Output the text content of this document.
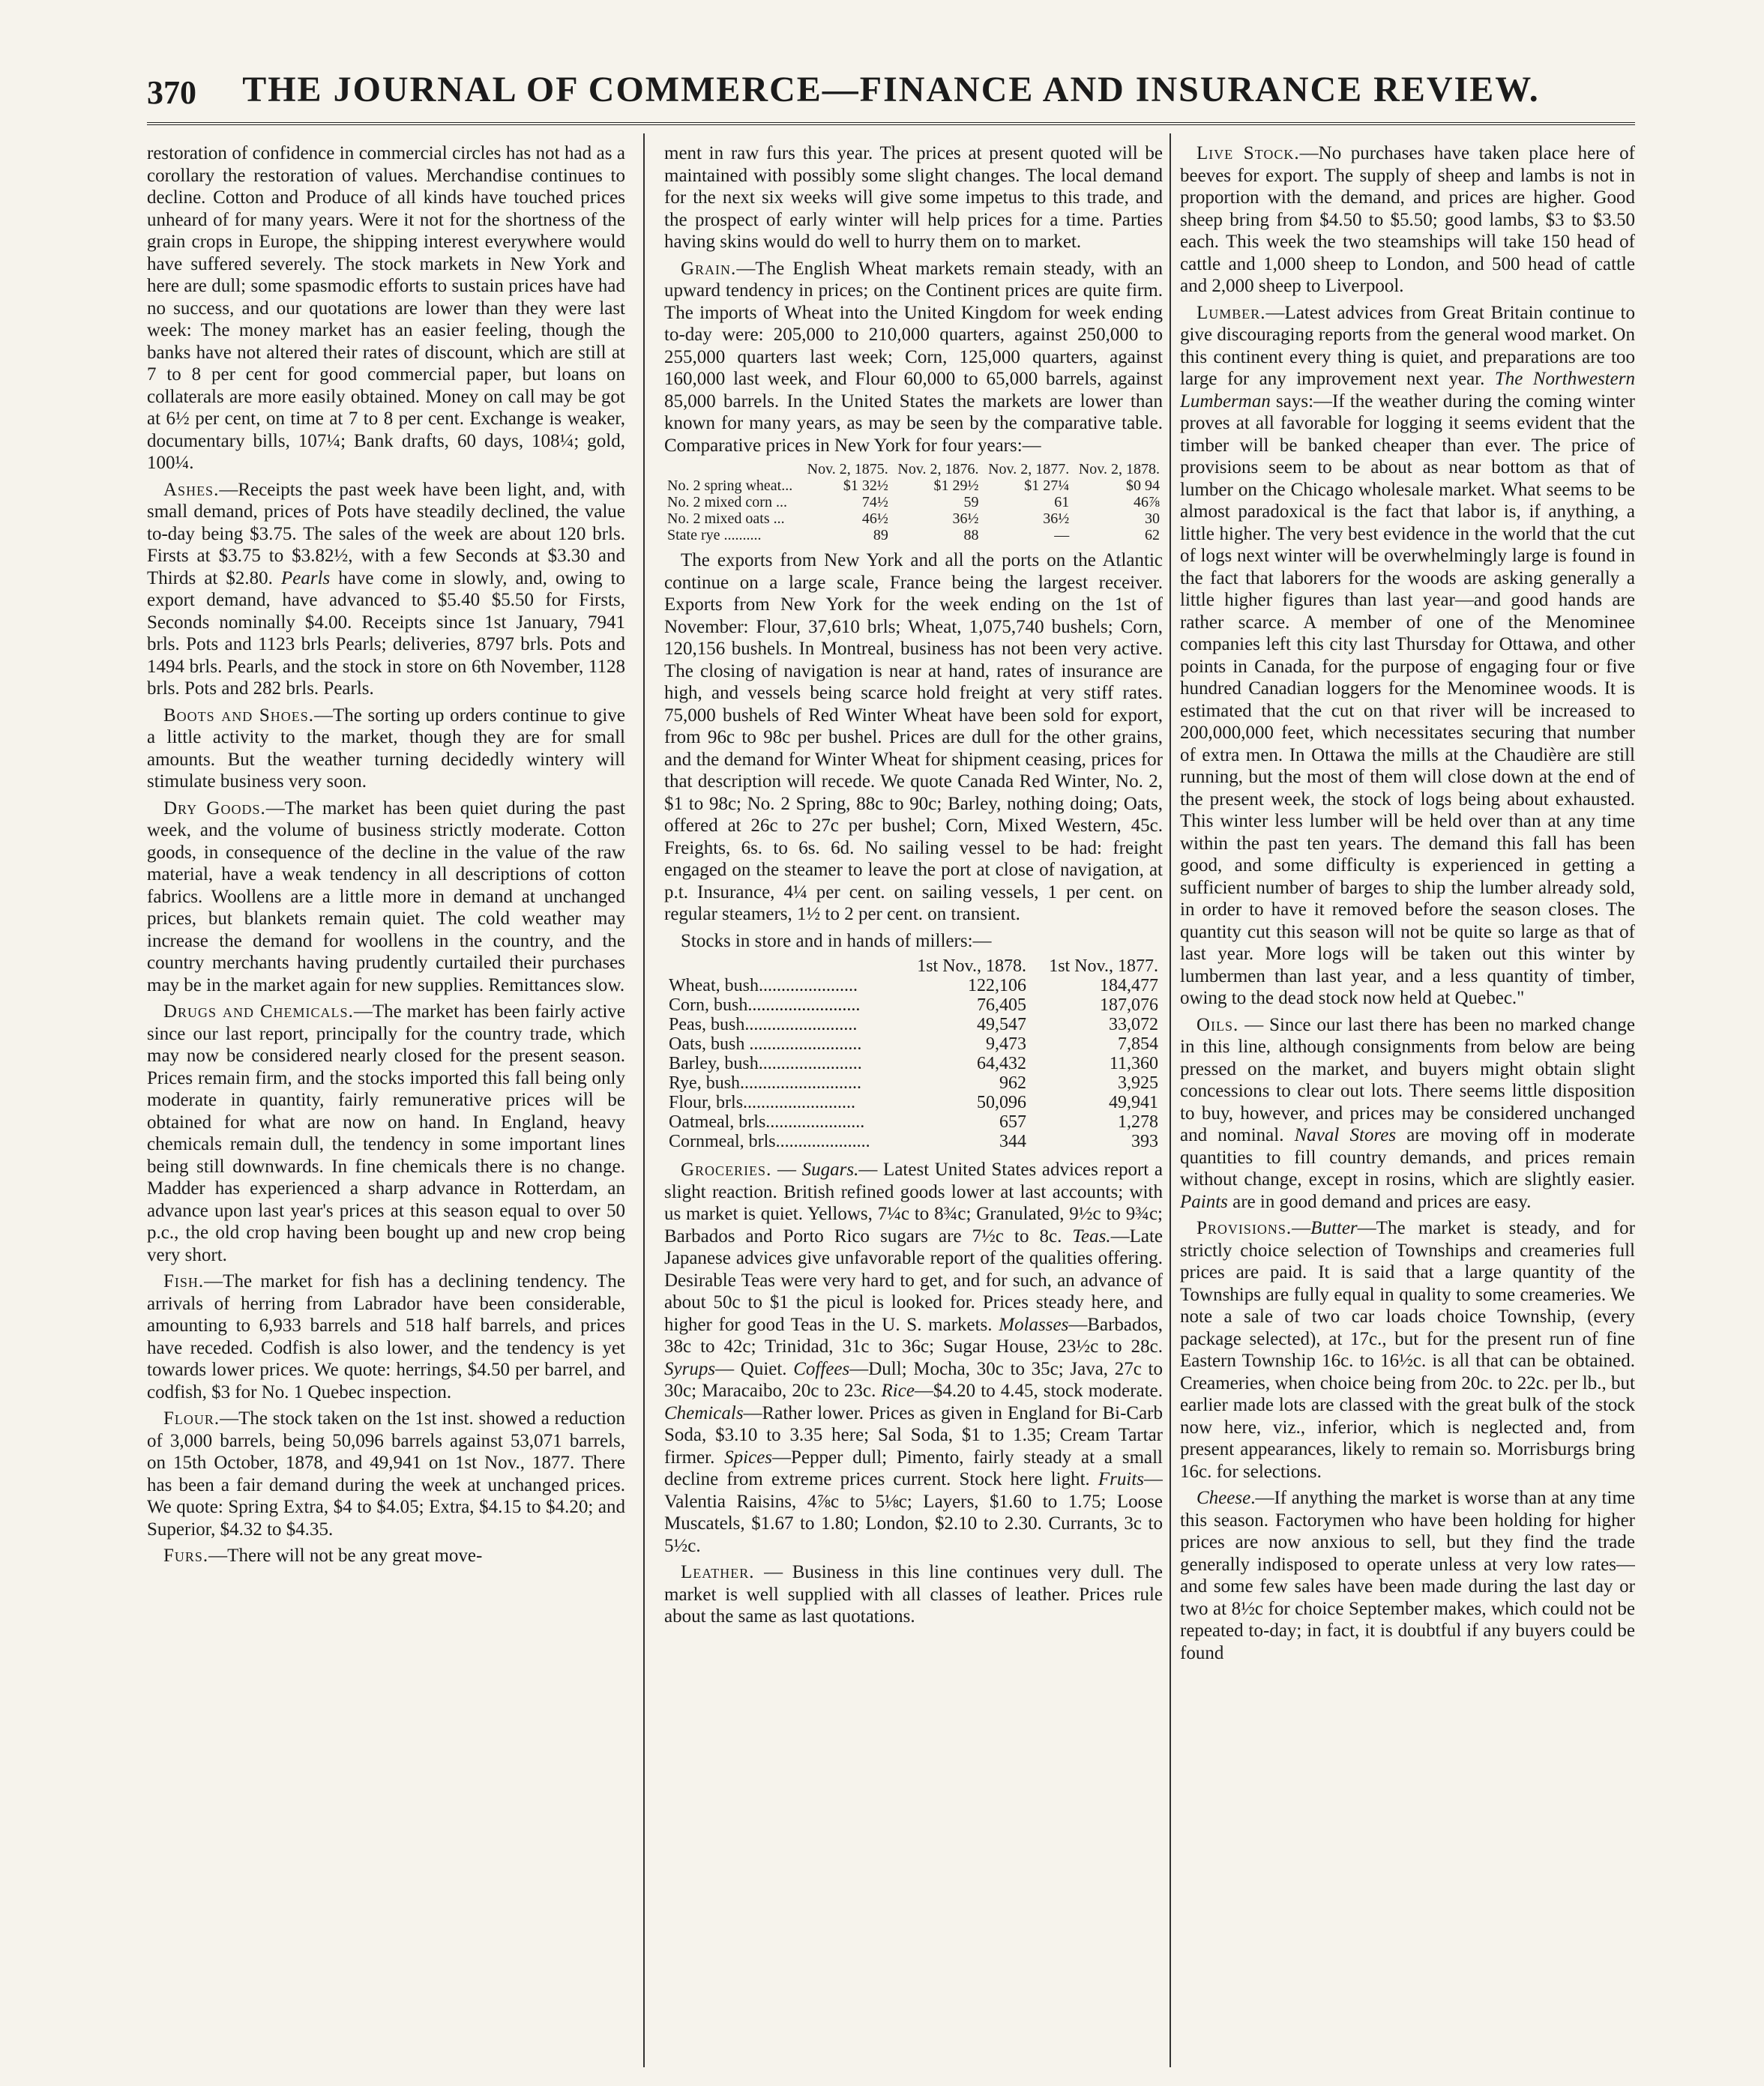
370	THE JOURNAL OF COMMERCE—FINANCE AND INSURANCE REVIEW.

restoration of confidence in commercial circles has not had as a corollary the restoration of values. Merchandise continues to decline. Cotton and Produce of all kinds have touched prices unheard of for many years. Were it not for the shortness of the grain crops in Europe, the shipping interest everywhere would have suffered severely. The stock markets in New York and here are dull; some spasmodic efforts to sustain prices have had no success, and our quotations are lower than they were last week: The money market has an easier feeling, though the banks have not altered their rates of discount, which are still at 7 to 8 per cent for good commercial paper, but loans on collaterals are more easily obtained. Money on call may be got at 6½ per cent, on time at 7 to 8 per cent. Exchange is weaker, documentary bills, 107¼; Bank drafts, 60 days, 108¼; gold, 100¼.

Ashes.—Receipts the past week have been light, and, with small demand, prices of Pots have steadily declined, the value to-day being $3.75. The sales of the week are about 120 brls. Firsts at $3.75 to $3.82½, with a few Seconds at $3.30 and Thirds at $2.80. Pearls have come in slowly, and, owing to export demand, have advanced to $5.40 $5.50 for Firsts, Seconds nominally $4.00. Receipts since 1st January, 7941 brls. Pots and 1123 brls Pearls; deliveries, 8797 brls. Pots and 1494 brls. Pearls, and the stock in store on 6th November, 1128 brls. Pots and 282 brls. Pearls.

Boots and Shoes.—The sorting up orders continue to give a little activity to the market, though they are for small amounts. But the weather turning decidedly wintery will stimulate business very soon.

Dry Goods.—The market has been quiet during the past week, and the volume of business strictly moderate. Cotton goods, in consequence of the decline in the value of the raw material, have a weak tendency in all descriptions of cotton fabrics. Woollens are a little more in demand at unchanged prices, but blankets remain quiet. The cold weather may increase the demand for woollens in the country, and the country merchants having prudently curtailed their purchases may be in the market again for new supplies. Remittances slow.

Drugs and Chemicals.—The market has been fairly active since our last report, principally for the country trade, which may now be considered nearly closed for the present season. Prices remain firm, and the stocks imported this fall being only moderate in quantity, fairly remunerative prices will be obtained for what are now on hand. In England, heavy chemicals remain dull, the tendency in some important lines being still downwards. In fine chemicals there is no change. Madder has experienced a sharp advance in Rotterdam, an advance upon last year's prices at this season equal to over 50 p.c., the old crop having been bought up and new crop being very short.

Fish.—The market for fish has a declining tendency. The arrivals of herring from Labrador have been considerable, amounting to 6,933 barrels and 518 half barrels, and prices have receded. Codfish is also lower, and the tendency is yet towards lower prices. We quote: herrings, $4.50 per barrel, and codfish, $3 for No. 1 Quebec inspection.

Flour.—The stock taken on the 1st inst. showed a reduction of 3,000 barrels, being 50,096 barrels against 53,071 barrels, on 15th October, 1878, and 49,941 on 1st Nov., 1877. There has been a fair demand during the week at unchanged prices. We quote: Spring Extra, $4 to $4.05; Extra, $4.15 to $4.20; and Superior, $4.32 to $4.35.

Furs.—There will not be any great move-

ment in raw furs this year. The prices at present quoted will be maintained with possibly some slight changes. The local demand for the next six weeks will give some impetus to this trade, and the prospect of early winter will help prices for a time. Parties having skins would do well to hurry them on to market.

Grain.—The English Wheat markets remain steady, with an upward tendency in prices; on the Continent prices are quite firm. The imports of Wheat into the United Kingdom for week ending to-day were: 205,000 to 210,000 quarters, against 250,000 to 255,000 quarters last week; Corn, 125,000 quarters, against 160,000 last week, and Flour 60,000 to 65,000 barrels, against 85,000 barrels. In the United States the markets are lower than known for many years, as may be seen by the comparative table. Comparative prices in New York for four years:—

	Nov. 2, 1875.	Nov. 2, 1876.	Nov. 2, 1877.	Nov. 2, 1878.
No. 2 spring wheat...	$1 32½	$1 29½	$1 27¼	$0 94
No. 2 mixed corn ...	74½	59	61	46⅞
No. 2 mixed oats ...	46½	36½	36½	30
State rye ..........	89	88	—	62

The exports from New York and all the ports on the Atlantic continue on a large scale, France being the largest receiver. Exports from New York for the week ending on the 1st of November: Flour, 37,610 brls; Wheat, 1,075,740 bushels; Corn, 120,156 bushels. In Montreal, business has not been very active. The closing of navigation is near at hand, rates of insurance are high, and vessels being scarce hold freight at very stiff rates. 75,000 bushels of Red Winter Wheat have been sold for export, from 96c to 98c per bushel. Prices are dull for the other grains, and the demand for Winter Wheat for shipment ceasing, prices for that description will recede. We quote Canada Red Winter, No. 2, $1 to 98c; No. 2 Spring, 88c to 90c; Barley, nothing doing; Oats, offered at 26c to 27c per bushel; Corn, Mixed Western, 45c. Freights, 6s. to 6s. 6d. No sailing vessel to be had: freight engaged on the steamer to leave the port at close of navigation, at p.t. Insurance, 4¼ per cent. on sailing vessels, 1 per cent. on regular steamers, 1½ to 2 per cent. on transient.

Stocks in store and in hands of millers:—

	1st Nov., 1878.	1st Nov., 1877.
Wheat, bush......................	122,106	184,477
Corn, bush.........................	76,405	187,076
Peas, bush.........................	49,547	33,072
Oats, bush .........................	9,473	7,854
Barley, bush.......................	64,432	11,360
Rye, bush...........................	962	3,925
Flour, brls.........................	50,096	49,941
Oatmeal, brls......................	657	1,278
Cornmeal, brls.....................	344	393

Groceries. — Sugars.— Latest United States advices report a slight reaction. British refined goods lower at last accounts; with us market is quiet. Yellows, 7¼c to 8¾c; Granulated, 9½c to 9¾c; Barbados and Porto Rico sugars are 7½c to 8c. Teas.—Late Japanese advices give unfavorable report of the qualities offering. Desirable Teas were very hard to get, and for such, an advance of about 50c to $1 the picul is looked for. Prices steady here, and higher for good Teas in the U. S. markets. Molasses—Barbados, 38c to 42c; Trinidad, 31c to 36c; Sugar House, 23½c to 28c. Syrups— Quiet. Coffees—Dull; Mocha, 30c to 35c; Java, 27c to 30c; Maracaibo, 20c to 23c. Rice—$4.20 to 4.45, stock moderate. Chemicals—Rather lower. Prices as given in England for Bi-Carb Soda, $3.10 to 3.35 here; Sal Soda, $1 to 1.35; Cream Tartar firmer. Spices—Pepper dull; Pimento, fairly steady at a small decline from extreme prices current. Stock here light. Fruits—Valentia Raisins, 4⅞c to 5⅛c; Layers, $1.60 to 1.75; Loose Muscatels, $1.67 to 1.80; London, $2.10 to 2.30. Currants, 3c to 5½c.

Leather. — Business in this line continues very dull. The market is well supplied with all classes of leather. Prices rule about the same as last quotations.

Live Stock.—No purchases have taken place here of beeves for export. The supply of sheep and lambs is not in proportion with the demand, and prices are higher. Good sheep bring from $4.50 to $5.50; good lambs, $3 to $3.50 each. This week the two steamships will take 150 head of cattle and 1,000 sheep to London, and 500 head of cattle and 2,000 sheep to Liverpool.

Lumber.—Latest advices from Great Britain continue to give discouraging reports from the general wood market. On this continent every thing is quiet, and preparations are too large for any improvement next year. The Northwestern Lumberman says:—If the weather during the coming winter proves at all favorable for logging it seems evident that the timber will be banked cheaper than ever. The price of provisions seem to be about as near bottom as that of lumber on the Chicago wholesale market. What seems to be almost paradoxical is the fact that labor is, if anything, a little higher. The very best evidence in the world that the cut of logs next winter will be overwhelmingly large is found in the fact that laborers for the woods are asking generally a little higher figures than last year—and good hands are rather scarce. A member of one of the Menominee companies left this city last Thursday for Ottawa, and other points in Canada, for the purpose of engaging four or five hundred Canadian loggers for the Menominee woods. It is estimated that the cut on that river will be increased to 200,000,000 feet, which necessitates securing that number of extra men. In Ottawa the mills at the Chaudière are still running, but the most of them will close down at the end of the present week, the stock of logs being about exhausted. This winter less lumber will be held over than at any time within the past ten years. The demand this fall has been good, and some difficulty is experienced in getting a sufficient number of barges to ship the lumber already sold, in order to have it removed before the season closes. The quantity cut this season will not be quite so large as that of last year. More logs will be taken out this winter by lumbermen than last year, and a less quantity of timber, owing to the dead stock now held at Quebec."

Oils. — Since our last there has been no marked change in this line, although consignments from below are being pressed on the market, and buyers might obtain slight concessions to clear out lots. There seems little disposition to buy, however, and prices may be considered unchanged and nominal. Naval Stores are moving off in moderate quantities to fill country demands, and prices remain without change, except in rosins, which are slightly easier. Paints are in good demand and prices are easy.

Provisions.—Butter—The market is steady, and for strictly choice selection of Townships and creameries full prices are paid. It is said that a large quantity of the Townships are fully equal in quality to some creameries. We note a sale of two car loads choice Township, (every package selected), at 17c., but for the present run of fine Eastern Township 16c. to 16½c. is all that can be obtained. Creameries, when choice being from 20c. to 22c. per lb., but earlier made lots are classed with the great bulk of the stock now here, viz., inferior, which is neglected and, from present appearances, likely to remain so. Morrisburgs bring 16c. for selections.

Cheese.—If anything the market is worse than at any time this season. Factorymen who have been holding for higher prices are now anxious to sell, but they find the trade generally indisposed to operate unless at very low rates—and some few sales have been made during the last day or two at 8½c for choice September makes, which could not be repeated to-day; in fact, it is doubtful if any buyers could be found
